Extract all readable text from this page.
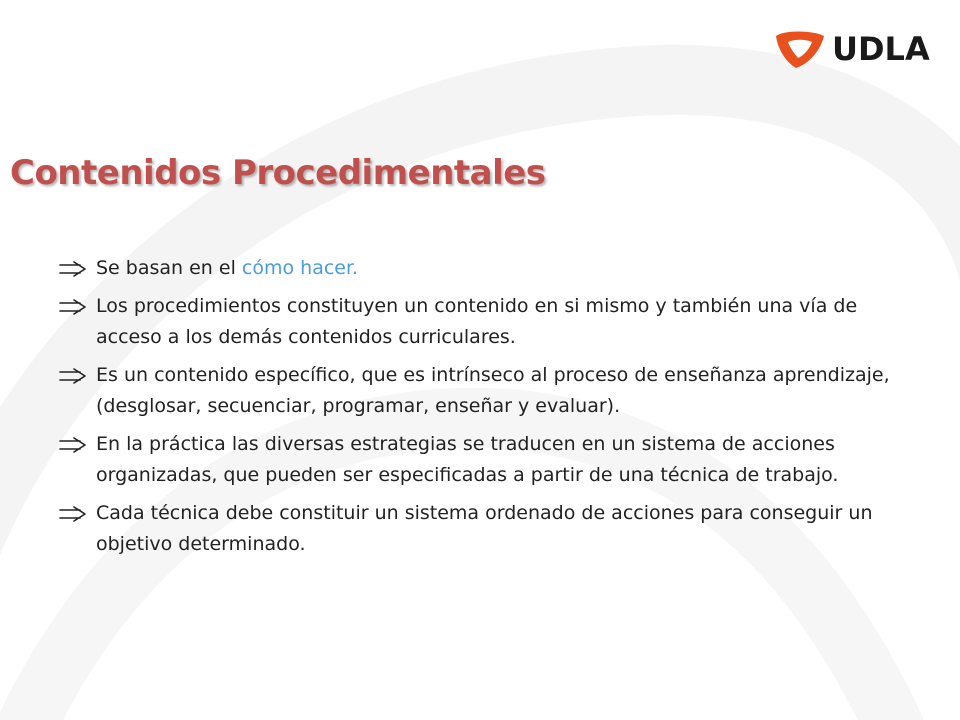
UDLA
Contenidos Procedimentales
Se basan en el cómo hacer.
Los procedimientos constituyen un contenido en si mismo y también una vía de acceso a los demás contenidos curriculares.
Es un contenido específico, que es intrínseco al proceso de enseñanza aprendizaje, (desglosar, secuenciar, programar, enseñar y evaluar).
En la práctica las diversas estrategias se traducen en un sistema de acciones organizadas, que pueden ser especificadas a partir de una técnica de trabajo.
Cada técnica debe constituir un sistema ordenado de acciones para conseguir un objetivo determinado.
